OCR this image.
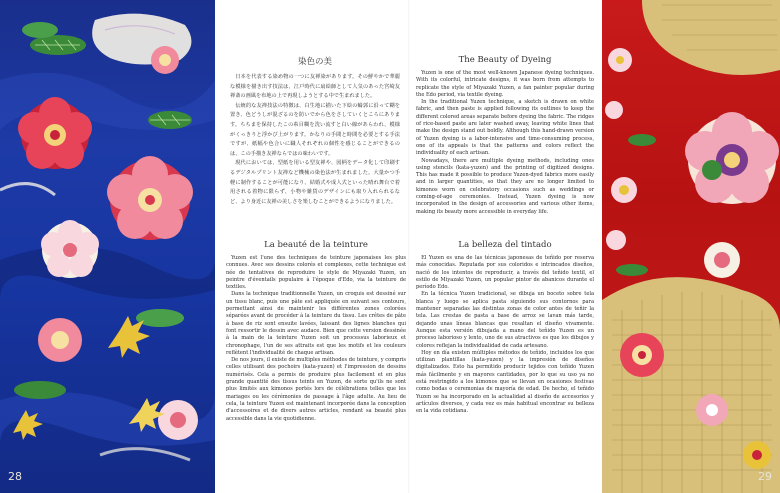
28	29
染色の美

日本を代表する染め物の一つに友禅染があります。その鮮やかで華麗な模様を描き出す技法は、江戸時代に扇絵師として人気のあった宮崎友禅斎の画風を布地の上で再現しようとする中で生まれました。

伝統的な友禅技法の特徴は、白生地に描いた下絵の輪郭に沿って糊を置き、色どうしが混ざるのを防いでから色をさしていくところにあります。ちちまを保持したこの糸目糊を洗い流すと白い線があらわれ、模様がくっきりと浮かび上がります。かなりの手間と時間を必要とする手法ですが、紙幅や色合いに職人それぞれの個性を感じることができるのは、この手描き友禅ならではの味わいです。

現代においては、型紙を用いる型友禅や、図柄をデータ化して印刷するデジタルプリント友禅など機械の染色法が生まれました。大量かつ手軽に制作することが可能になり、結婚式や成人式といった晴れ舞台で着用される着物に限らず、小物や雑貨のデザインにも取り入れられるなど、より身近に友禅の美しさを楽しむことができるようになりました。

La beauté de la teinture

Yuzen est l'une des techniques de teinture japonaises les plus connues. Avec ses dessins colorés et complexes, cette technique est née de tentatives de reproduire le style de Miyazaki Yuzen, un peintre d'éventails populaire à l'époque d'Edo, via la teinture de textiles.

Dans la technique traditionnelle Yuzen, un croquis est dessiné sur un tissu blanc, puis une pâte est appliquée en suivant ses contours, permettant ainsi de maintenir les différentes zones colorées séparées avant de procéder à la teinture du tissu. Les crêtes de pâte à base de riz sont ensuite lavées, laissant des lignes blanches qui font ressortir le dessin avec audace. Bien que cette version dessinée à la main de la teinture Yuzen soit un processus laborieux et chronophage, l'un de ses attraits est que les motifs et les couleurs reflètent l'individualité de chaque artisan.

De nos jours, il existe de multiples méthodes de teinture, y compris celles utilisant des pochoirs (kata-yuzen) et l'impression de dessins numérisés. Cela a permis de produire plus facilement et en plus grande quantité des tissus teints en Yuzen, de sorte qu'ils ne sont plus limités aux kimonos portés lors de célébrations telles que les mariages ou les cérémonies de passage à l'âge adulte. Au lieu de cela, la teinture Yuzen est maintenant incorporée dans la conception d'accessoires et de divers autres articles, rendant sa beauté plus accessible dans la vie quotidienne.

The Beauty of Dyeing

Yuzen is one of the most well-known Japanese dyeing techniques. With its colorful, intricate designs, it was born from attempts to replicate the style of Miyazaki Yuzen, a fan painter popular during the Edo period, via textile dyeing.

In the traditional Yuzen technique, a sketch is drawn on white fabric, and then paste is applied following its outlines to keep the different colored areas separate before dyeing the fabric. The ridges of rice-based paste are later washed away, leaving white lines that make the design stand out boldly. Although this hand-drawn version of Yuzen dyeing is a labor-intensive and time-consuming process, one of its appeals is that the patterns and colors reflect the individuality of each artisan.

Nowadays, there are multiple dyeing methods, including ones using stencils (kata-yuzen) and the printing of digitized designs. This has made it possible to produce Yuzen-dyed fabrics more easily and in larger quantities, so that they are no longer limited to kimonos worn on celebratory occasions such as weddings or coming-of-age ceremonies. Instead, Yuzen dyeing is now incorporated in the design of accessories and various other items, making its beauty more accessible in everyday life.

La belleza del tintado

El Yuzen es una de las técnicas japonesas de teñido por reserva más conocidas. Reputada por sus coloridos e intrincados diseños, nació de los intentos de reproducir, a través del teñido textil, el estilo de Miyazaki Yuzen, un popular pintor de abanicos durante el período Edo.

En la técnica Yuzen tradicional, se dibuja un boceto sobre tela blanca y luego se aplica pasta siguiendo sus contornos para mantener separadas las distintas zonas de color antes de teñir la tela. Las crestas de pasta a base de arroz se lavan más tarde, dejando unas líneas blancas que resaltan el diseño vivamente. Aunque esta versión dibujada a mano del teñido Yuzen es un proceso laborioso y lento, uno de sus atractivos es que los dibujos y colores reflejan la individualidad de cada artesano.

Hoy en día existen múltiples métodos de teñido, incluidos los que utilizan plantillas (kata-yuzen) y la impresión de diseños digitalizados. Esto ha permitido producir tejidos con teñido Yuzen más fácilmente y en mayores cantidades, por lo que su uso ya no está restringido a los kimonos que se llevan en ocasiones festivas como bodas o ceremonias de mayoría de edad. De hecho, el teñido Yuzen se ha incorporado en la actualidad al diseño de accesorios y artículos diversos, y cada vez es más habitual encontrar su belleza en la vida cotidiana.
